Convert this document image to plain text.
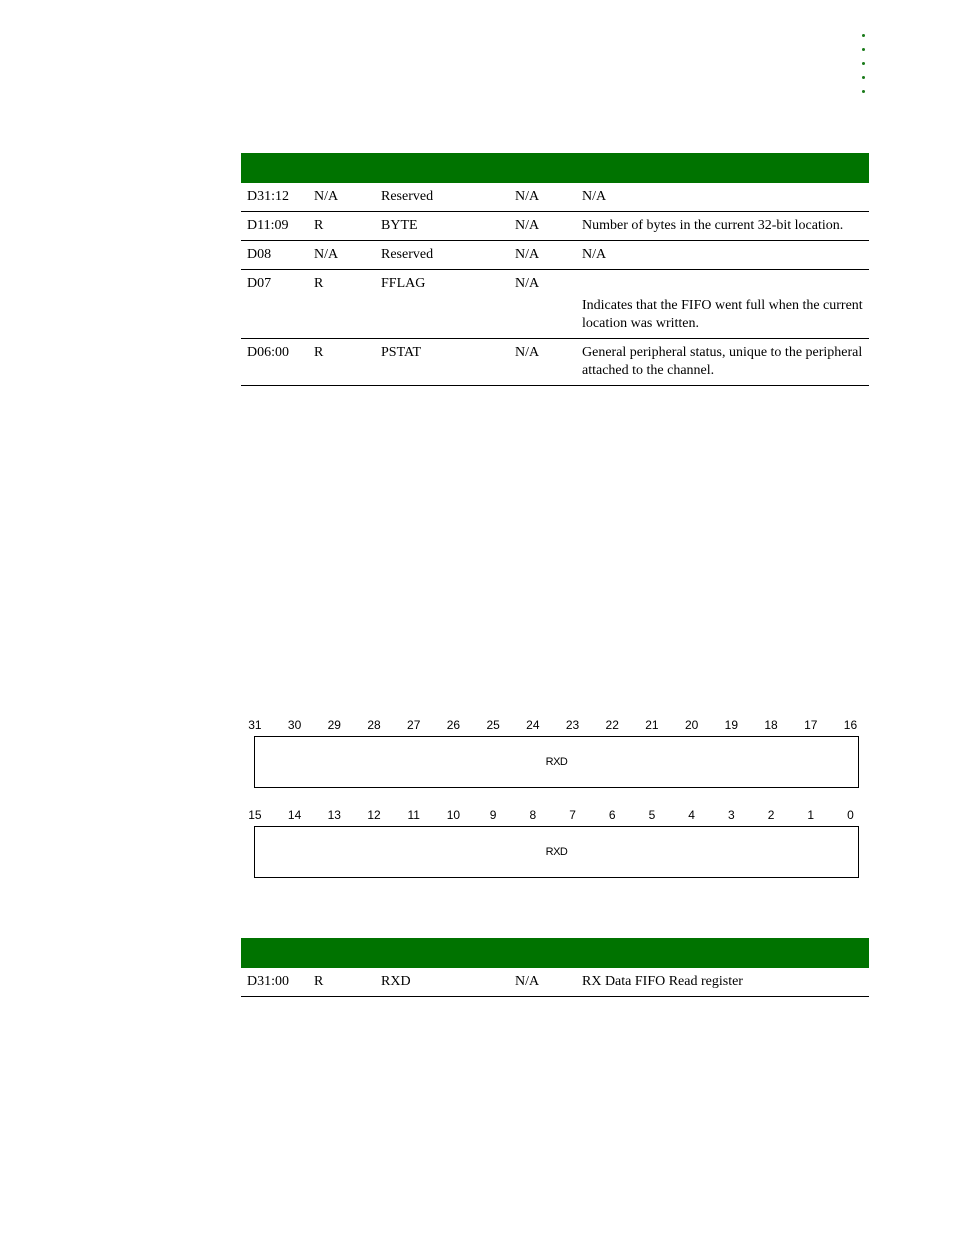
D31:12	N/A	Reserved	N/A	N/A
D11:09	R	BYTE	N/A	Number of bytes in the current 32-bit location.
D08	N/A	Reserved	N/A	N/A
D07	R	FFLAG	N/A	Indicates that the FIFO went full when the current location was written.
D06:00	R	PSTAT	N/A	General peripheral status, unique to the peripheral attached to the channel.
31	30	29	28	27	26	25	24	23	22	21	20	19	18	17	16
RXD
15	14	13	12	11	10	9	8	7	6	5	4	3	2	1	0
RXD

D31:00	R	RXD	N/A	RX Data FIFO Read register
